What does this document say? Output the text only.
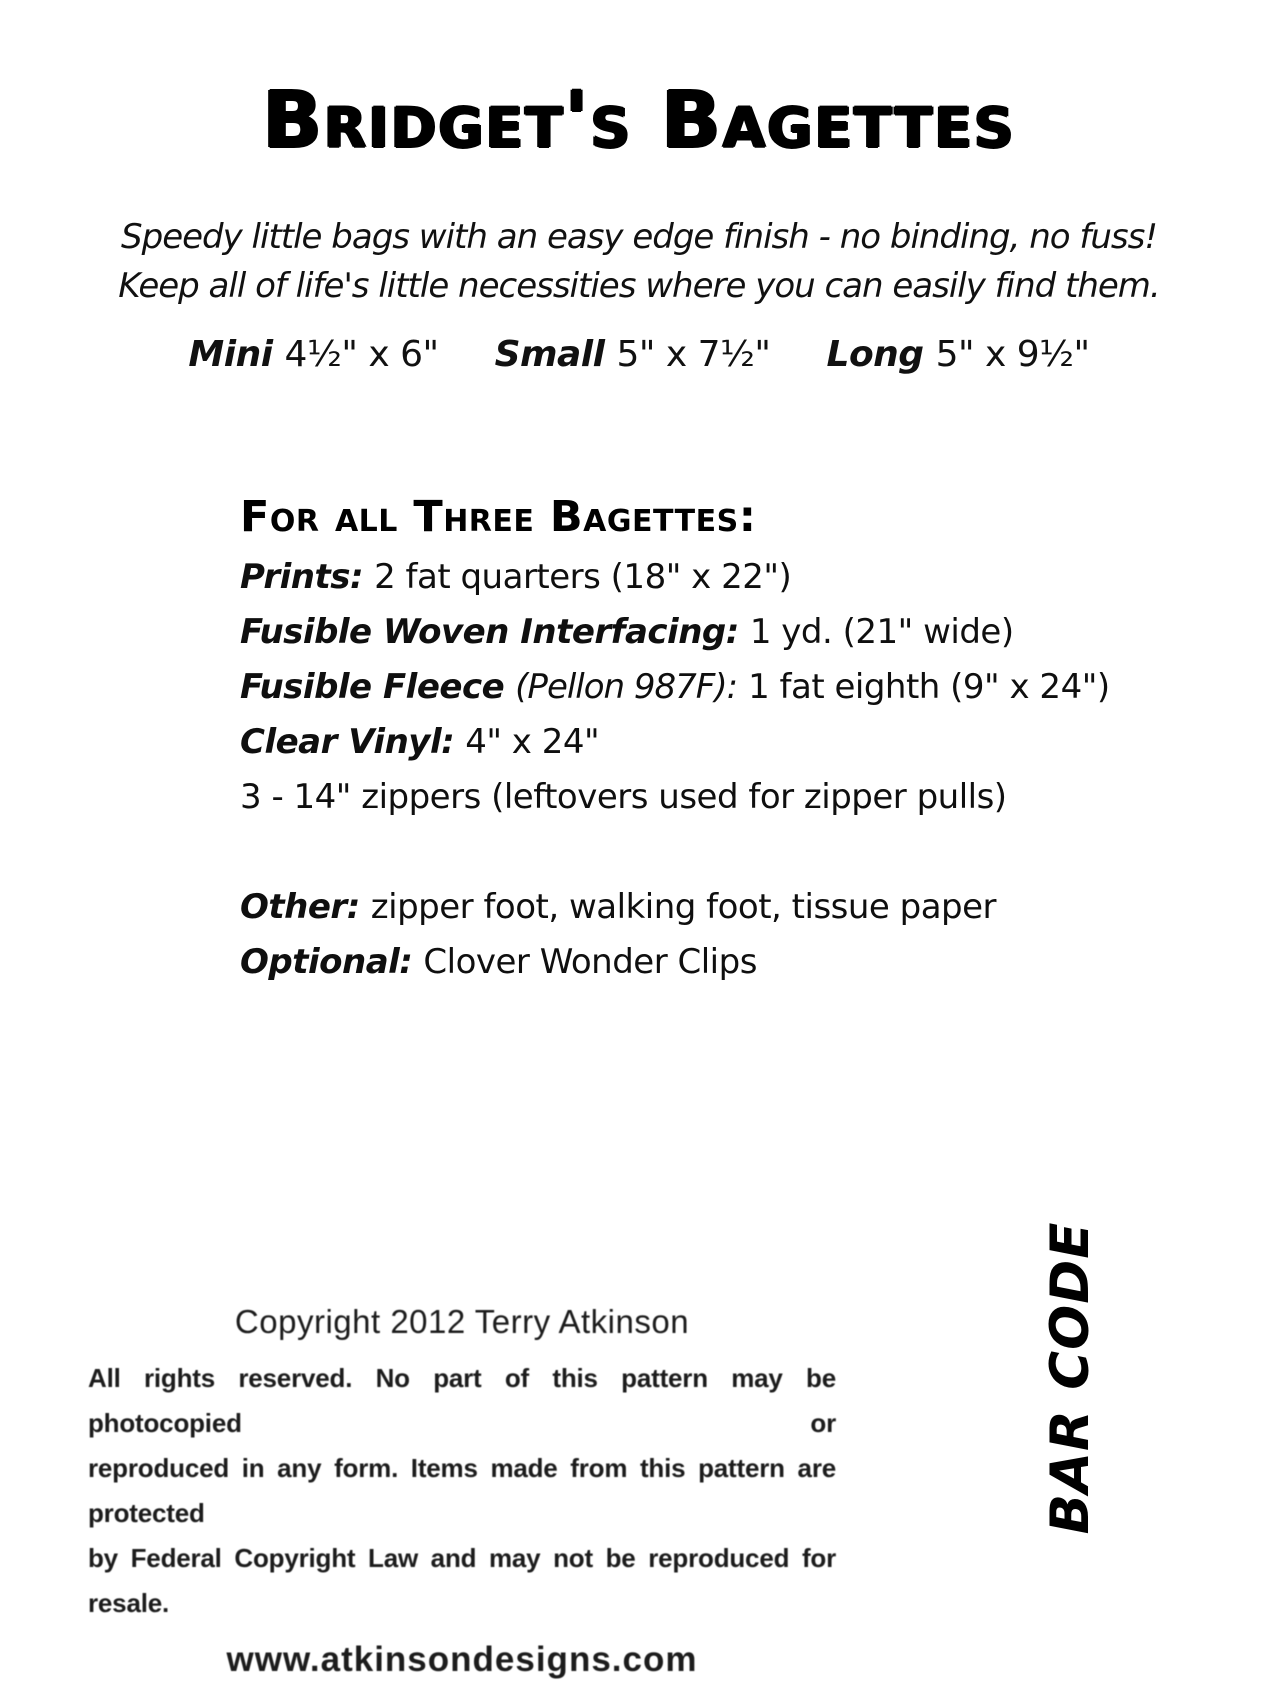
Bridget's Bagettes
Speedy little bags with an easy edge finish - no binding, no fuss!
Keep all of life's little necessities where you can easily find them.
Mini 4½" x 6" Small 5" x 7½" Long 5" x 9½"
For all Three Bagettes:
Prints: 2 fat quarters (18" x 22")
Fusible Woven Interfacing: 1 yd. (21" wide)
Fusible Fleece (Pellon 987F): 1 fat eighth (9" x 24")
Clear Vinyl: 4" x 24"
3 - 14" zippers (leftovers used for zipper pulls)
Other: zipper foot, walking foot, tissue paper
Optional: Clover Wonder Clips
Copyright 2012 Terry Atkinson
All rights reserved. No part of this pattern may be photocopied or
reproduced in any form. Items made from this pattern are protected
by Federal Copyright Law and may not be reproduced for resale.
www.atkinsondesigns.com
BAR CODE
